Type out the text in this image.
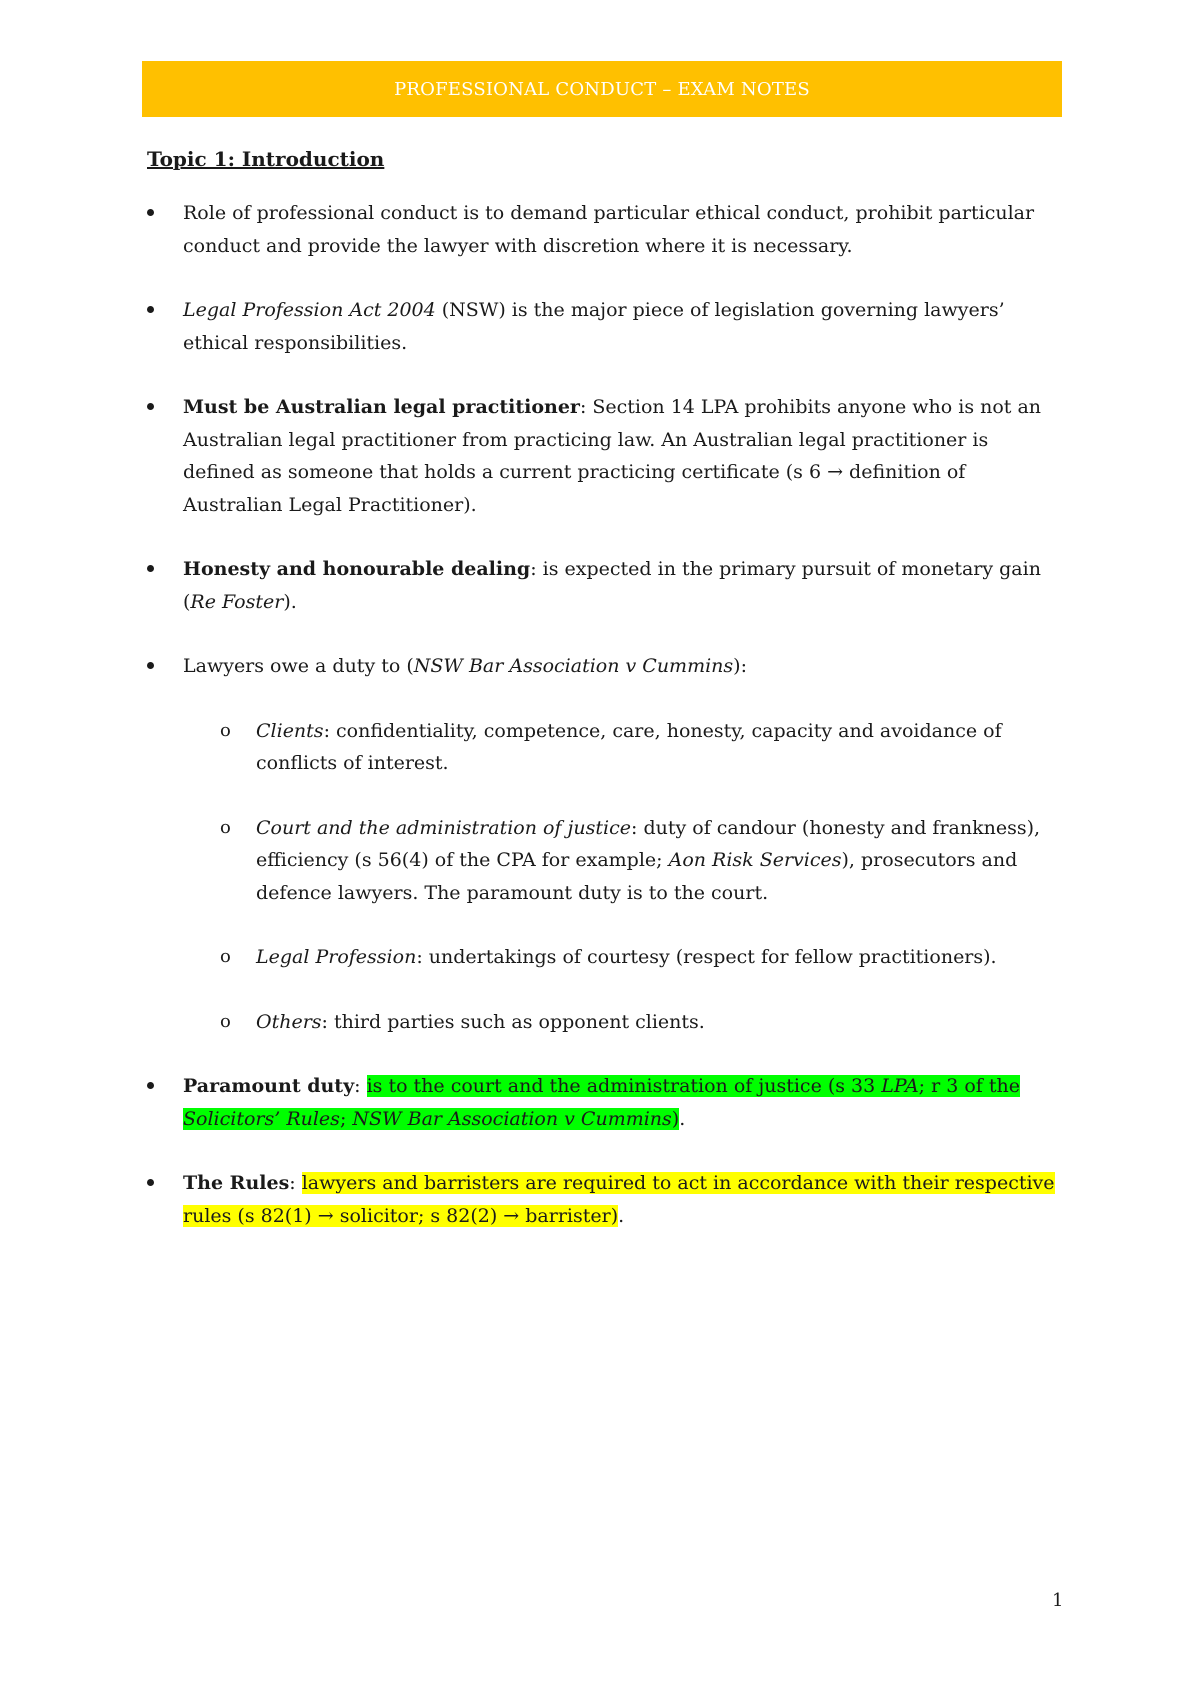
PROFESSIONAL CONDUCT – EXAM NOTES
Topic 1: Introduction
Role of professional conduct is to demand particular ethical conduct, prohibit particular conduct and provide the lawyer with discretion where it is necessary.
Legal Profession Act 2004 (NSW) is the major piece of legislation governing lawyers’ ethical responsibilities.
Must be Australian legal practitioner: Section 14 LPA prohibits anyone who is not an Australian legal practitioner from practicing law. An Australian legal practitioner is defined as someone that holds a current practicing certificate (s 6 → definition of Australian Legal Practitioner).
Honesty and honourable dealing: is expected in the primary pursuit of monetary gain (Re Foster).
Lawyers owe a duty to (NSW Bar Association v Cummins):
o Clients: confidentiality, competence, care, honesty, capacity and avoidance of conflicts of interest.
o Court and the administration of justice: duty of candour (honesty and frankness), efficiency (s 56(4) of the CPA for example; Aon Risk Services), prosecutors and defence lawyers. The paramount duty is to the court.
o Legal Profession: undertakings of courtesy (respect for fellow practitioners).
o Others: third parties such as opponent clients.
Paramount duty: is to the court and the administration of justice (s 33 LPA; r 3 of the Solicitors’ Rules; NSW Bar Association v Cummins).
The Rules: lawyers and barristers are required to act in accordance with their respective rules (s 82(1) → solicitor; s 82(2) → barrister).
1
